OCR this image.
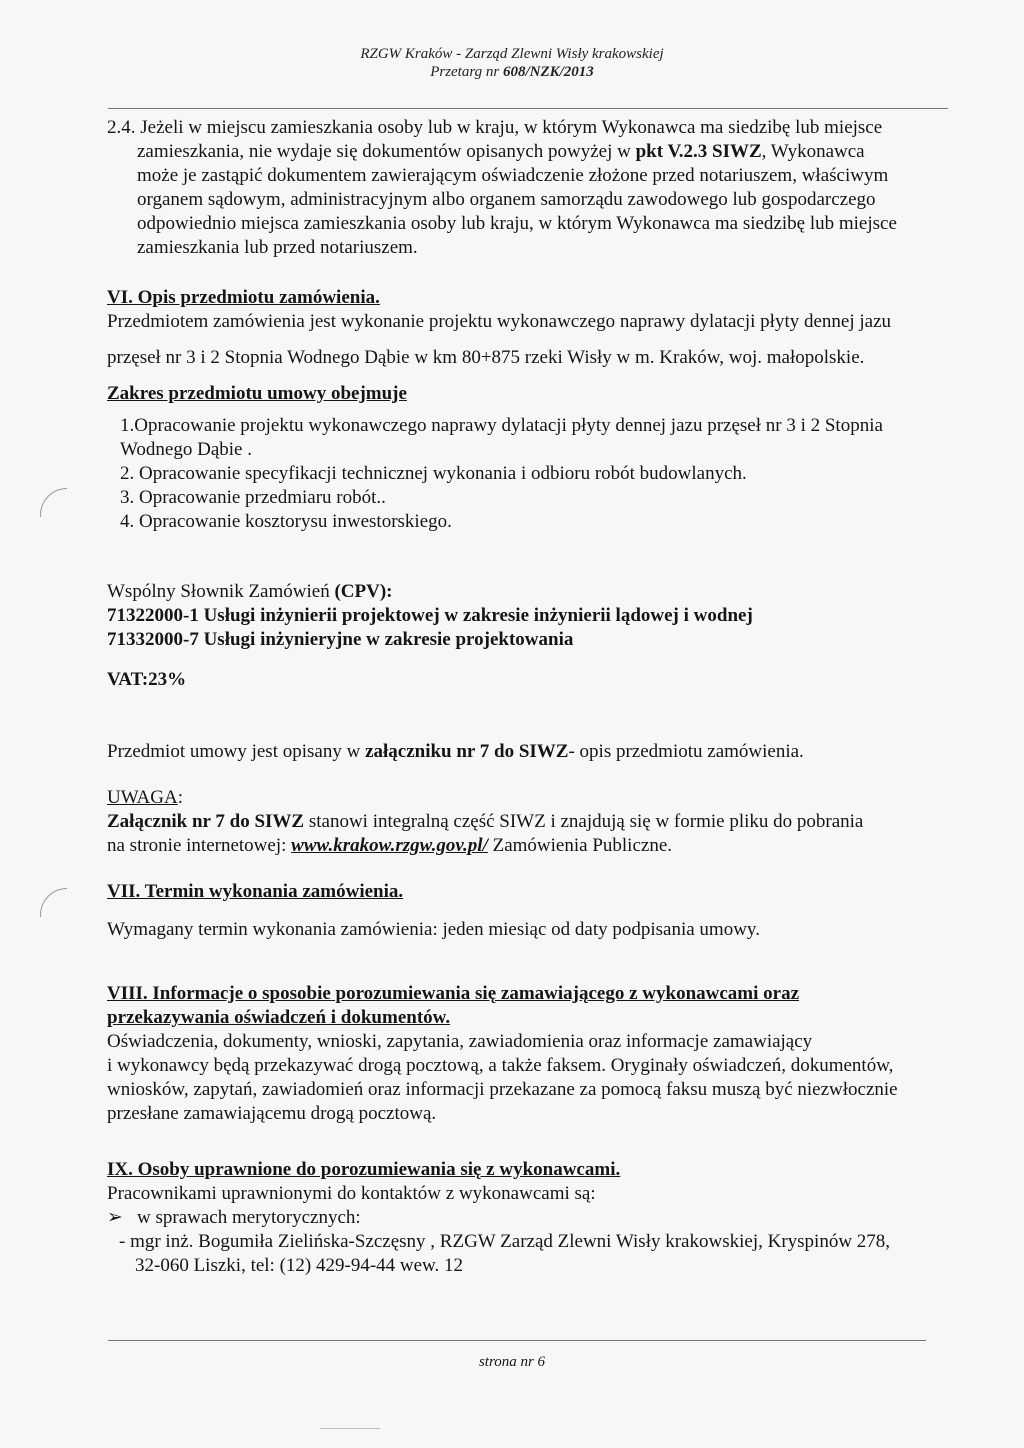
RZGW Kraków - Zarząd Zlewni Wisły krakowskiej
Przetarg nr 608/NZK/2013

2.4. Jeżeli w miejscu zamieszkania osoby lub w kraju, w którym Wykonawca ma siedzibę lub miejsce

zamieszkania, nie wydaje się dokumentów opisanych powyżej w pkt V.2.3 SIWZ, Wykonawca

może je zastąpić dokumentem zawierającym oświadczenie złożone przed notariuszem, właściwym

organem sądowym, administracyjnym albo organem samorządu zawodowego lub gospodarczego

odpowiednio miejsca zamieszkania osoby lub kraju, w którym Wykonawca ma siedzibę lub miejsce

zamieszkania lub przed notariuszem.

VI. Opis przedmiotu zamówienia.

Przedmiotem zamówienia jest wykonanie projektu wykonawczego naprawy dylatacji płyty dennej jazu

przęseł nr 3 i 2 Stopnia Wodnego Dąbie w km 80+875 rzeki Wisły w m. Kraków, woj. małopolskie.

Zakres przedmiotu umowy obejmuje

1.Opracowanie projektu wykonawczego naprawy dylatacji płyty dennej jazu przęseł nr 3 i 2 Stopnia

Wodnego Dąbie .

2. Opracowanie specyfikacji technicznej wykonania i odbioru robót budowlanych.

3. Opracowanie przedmiaru robót..

4. Opracowanie kosztorysu inwestorskiego.

Wspólny Słownik Zamówień (CPV):

71322000-1 Usługi inżynierii projektowej w zakresie inżynierii lądowej i wodnej

71332000-7 Usługi inżynieryjne w zakresie projektowania

VAT:23%

Przedmiot umowy jest opisany w załączniku nr 7 do SIWZ- opis przedmiotu zamówienia.

UWAGA:

Załącznik nr 7 do SIWZ stanowi integralną część SIWZ i znajdują się w formie pliku do pobrania

na stronie internetowej: www.krakow.rzgw.gov.pl/ Zamówienia Publiczne.

VII. Termin wykonania zamówienia.

Wymagany termin wykonania zamówienia: jeden miesiąc od daty podpisania umowy.

VIII. Informacje o sposobie porozumiewania się zamawiającego z wykonawcami oraz

przekazywania oświadczeń i dokumentów.

Oświadczenia, dokumenty, wnioski, zapytania, zawiadomienia oraz informacje zamawiający

i wykonawcy będą przekazywać drogą pocztową, a także faksem. Oryginały oświadczeń, dokumentów,

wniosków, zapytań, zawiadomień oraz informacji przekazane za pomocą faksu muszą być niezwłocznie

przesłane zamawiającemu drogą pocztową.

IX. Osoby uprawnione do porozumiewania się z wykonawcami.

Pracownikami uprawnionymi do kontaktów z wykonawcami są:

➢ w sprawach merytorycznych:

- mgr inż. Bogumiła Zielińska-Szczęsny , RZGW Zarząd Zlewni Wisły krakowskiej, Kryspinów 278,

32-060 Liszki, tel: (12) 429-94-44 wew. 12

strona nr 6
